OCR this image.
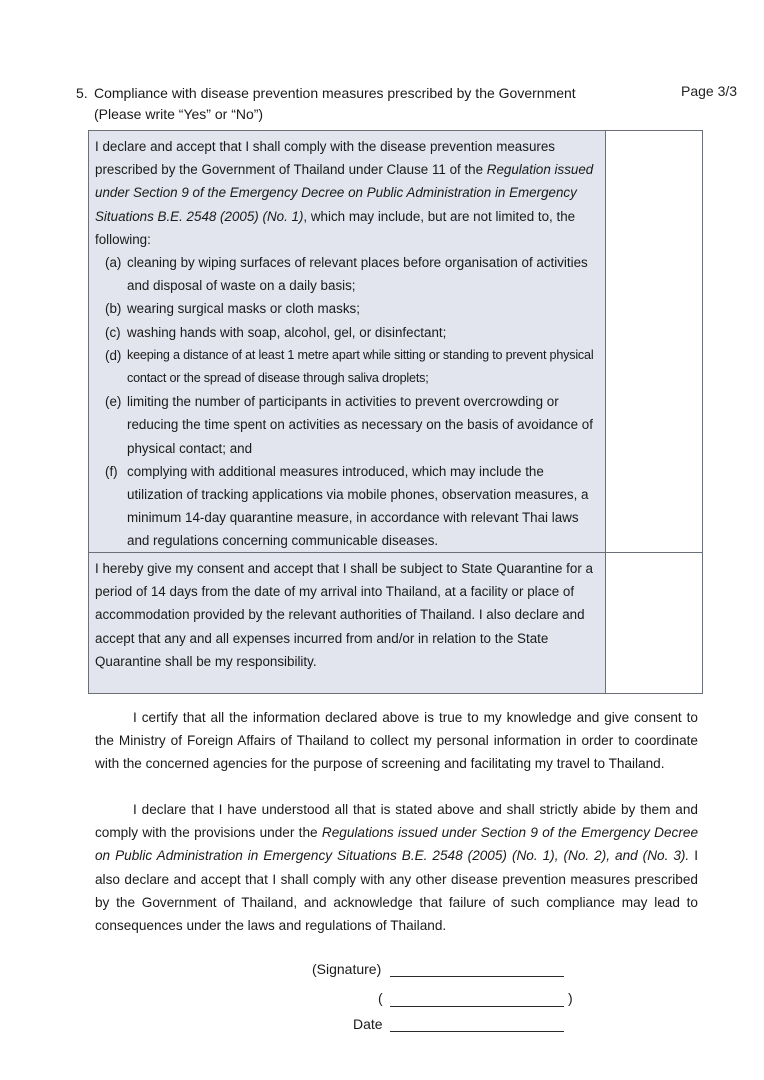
Page 3/3
5. Compliance with disease prevention measures prescribed by the Government
(Please write “Yes” or “No”)

I declare and accept that I shall comply with the disease prevention measures prescribed by the Government of Thailand under Clause 11 of the Regulation issued under Section 9 of the Emergency Decree on Public Administration in Emergency Situations B.E. 2548 (2005) (No. 1), which may include, but are not limited to, the following:

(a) cleaning by wiping surfaces of relevant places before organisation of activities and disposal of waste on a daily basis;
(b) wearing surgical masks or cloth masks;
(c) washing hands with soap, alcohol, gel, or disinfectant;
(d) keeping a distance of at least 1 metre apart while sitting or standing to prevent physical contact or the spread of disease through saliva droplets;
(e) limiting the number of participants in activities to prevent overcrowding or reducing the time spent on activities as necessary on the basis of avoidance of physical contact; and
(f) complying with additional measures introduced, which may include the utilization of tracking applications via mobile phones, observation measures, a minimum 14-day quarantine measure, in accordance with relevant Thai laws and regulations concerning communicable diseases.

I hereby give my consent and accept that I shall be subject to State Quarantine for a period of 14 days from the date of my arrival into Thailand, at a facility or place of accommodation provided by the relevant authorities of Thailand. I also declare and accept that any and all expenses incurred from and/or in relation to the State Quarantine shall be my responsibility.

I certify that all the information declared above is true to my knowledge and give consent to the Ministry of Foreign Affairs of Thailand to collect my personal information in order to coordinate with the concerned agencies for the purpose of screening and facilitating my travel to Thailand.

I declare that I have understood all that is stated above and shall strictly abide by them and comply with the provisions under the Regulations issued under Section 9 of the Emergency Decree on Public Administration in Emergency Situations B.E. 2548 (2005) (No. 1), (No. 2), and (No. 3). I also declare and accept that I shall comply with any other disease prevention measures prescribed by the Government of Thailand, and acknowledge that failure of such compliance may lead to consequences under the laws and regulations of Thailand.

(Signature)
(	)
Date
